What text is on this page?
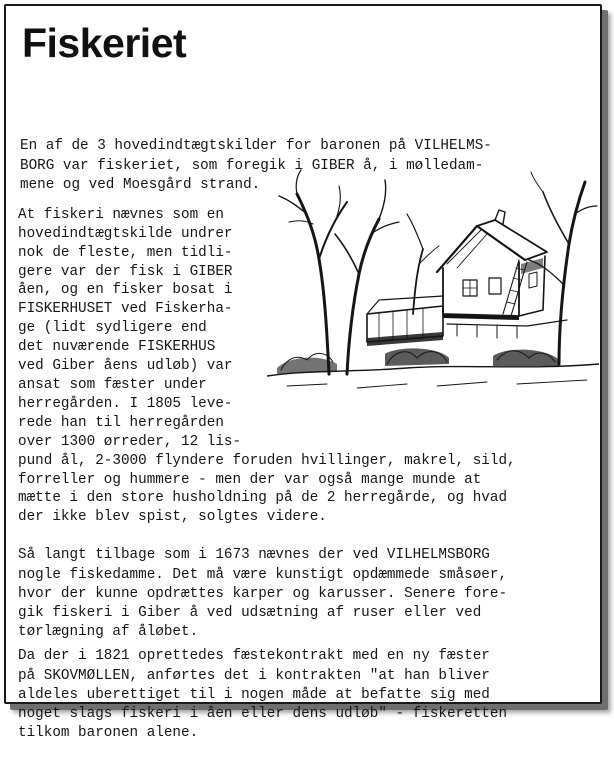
Fiskeriet

En af de 3 hovedindtægtskilder for baronen på VILHELMS-
BORG var fiskeriet, som foregik i GIBER å, i mølledam-
mene og ved Moesgård strand.

At fiskeri nævnes som en
hovedindtægtskilde undrer
nok de fleste, men tidli-
gere var der fisk i GIBER
åen, og en fisker bosat i
FISKERHUSET ved Fiskerha-
ge (lidt sydligere end
det nuværende FISKERHUS
ved Giber åens udløb) var
ansat som fæster under
herregården. I 1805 leve-
rede han til herregården
over 1300 ørreder, 12 lis-
pund ål, 2-3000 flyndere foruden hvillinger, makrel, sild,
forreller og hummere - men der var også mange munde at
mætte i den store husholdning på de 2 herregårde, og hvad
der ikke blev spist, solgtes videre.

Så langt tilbage som i 1673 nævnes der ved VILHELMSBORG
nogle fiskedamme. Det må være kunstigt opdæmmede småsøer,
hvor der kunne opdrættes karper og karusser. Senere fore-
gik fiskeri i Giber å ved udsætning af ruser eller ved
tørlægning af åløbet.

Da der i 1821 oprettedes fæstekontrakt med en ny fæster
på SKOVMØLLEN, anførtes det i kontrakten "at han bliver
aldeles uberettiget til i nogen måde at befatte sig med
noget slags fiskeri i åen eller dens udløb" - fiskeretten
tilkom baronen alene.
